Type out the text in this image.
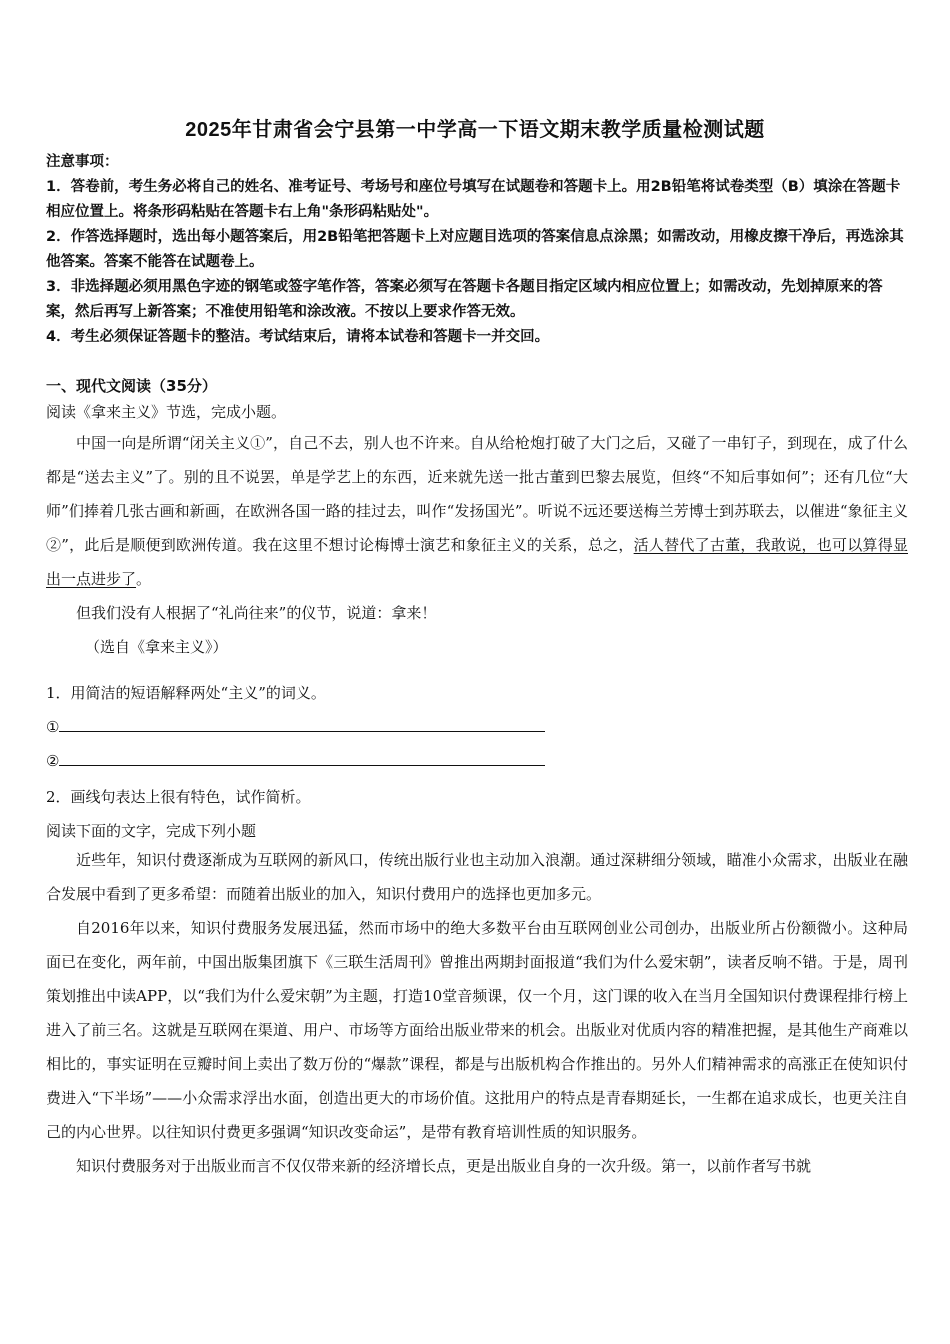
2025年甘肃省会宁县第一中学高一下语文期末教学质量检测试题

注意事项：

1．答卷前，考生务必将自己的姓名、准考证号、考场号和座位号填写在试题卷和答题卡上。用2B铅笔将试卷类型（B）填涂在答题卡相应位置上。将条形码粘贴在答题卡右上角"条形码粘贴处"。

2．作答选择题时，选出每小题答案后，用2B铅笔把答题卡上对应题目选项的答案信息点涂黑；如需改动，用橡皮擦干净后，再选涂其他答案。答案不能答在试题卷上。

3．非选择题必须用黑色字迹的钢笔或签字笔作答，答案必须写在答题卡各题目指定区域内相应位置上；如需改动，先划掉原来的答案，然后再写上新答案；不准使用铅笔和涂改液。不按以上要求作答无效。

4．考生必须保证答题卡的整洁。考试结束后，请将本试卷和答题卡一并交回。

一、现代文阅读（35分）
阅读《拿来主义》节选，完成小题。

中国一向是所谓“闭关主义①”，自己不去，别人也不许来。自从给枪炮打破了大门之后，又碰了一串钉子，到现在，成了什么都是“送去主义”了。别的且不说罢，单是学艺上的东西，近来就先送一批古董到巴黎去展览，但终“不知后事如何”；还有几位“大师”们捧着几张古画和新画，在欧洲各国一路的挂过去，叫作“发扬国光”。听说不远还要送梅兰芳博士到苏联去，以催进“象征主义②”，此后是顺便到欧洲传道。我在这里不想讨论梅博士演艺和象征主义的关系，总之，活人替代了古董，我敢说，也可以算得显出一点进步了。

但我们没有人根据了“礼尚往来”的仪节，说道：拿来！

（选自《拿来主义》）

1．用简洁的短语解释两处“主义”的词义。
①
②
2．画线句表达上很有特色，试作简析。
阅读下面的文字，完成下列小题

近些年，知识付费逐渐成为互联网的新风口，传统出版行业也主动加入浪潮。通过深耕细分领域，瞄准小众需求，出版业在融合发展中看到了更多希望：而随着出版业的加入，知识付费用户的选择也更加多元。

自2016年以来，知识付费服务发展迅猛，然而市场中的绝大多数平台由互联网创业公司创办，出版业所占份额微小。这种局面已在变化，两年前，中国出版集团旗下《三联生活周刊》曾推出两期封面报道“我们为什么爱宋朝”，读者反响不错。于是，周刊策划推出中读APP，以“我们为什么爱宋朝”为主题，打造10堂音频课，仅一个月，这门课的收入在当月全国知识付费课程排行榜上进入了前三名。这就是互联网在渠道、用户、市场等方面给出版业带来的机会。出版业对优质内容的精准把握，是其他生产商难以相比的，事实证明在豆瓣时间上卖出了数万份的“爆款”课程，都是与出版机构合作推出的。另外人们精神需求的高涨正在使知识付费进入“下半场”——小众需求浮出水面，创造出更大的市场价值。这批用户的特点是青春期延长，一生都在追求成长，也更关注自己的内心世界。以往知识付费更多强调“知识改变命运”，是带有教育培训性质的知识服务。

知识付费服务对于出版业而言不仅仅带来新的经济增长点，更是出版业自身的一次升级。第一，以前作者写书就
